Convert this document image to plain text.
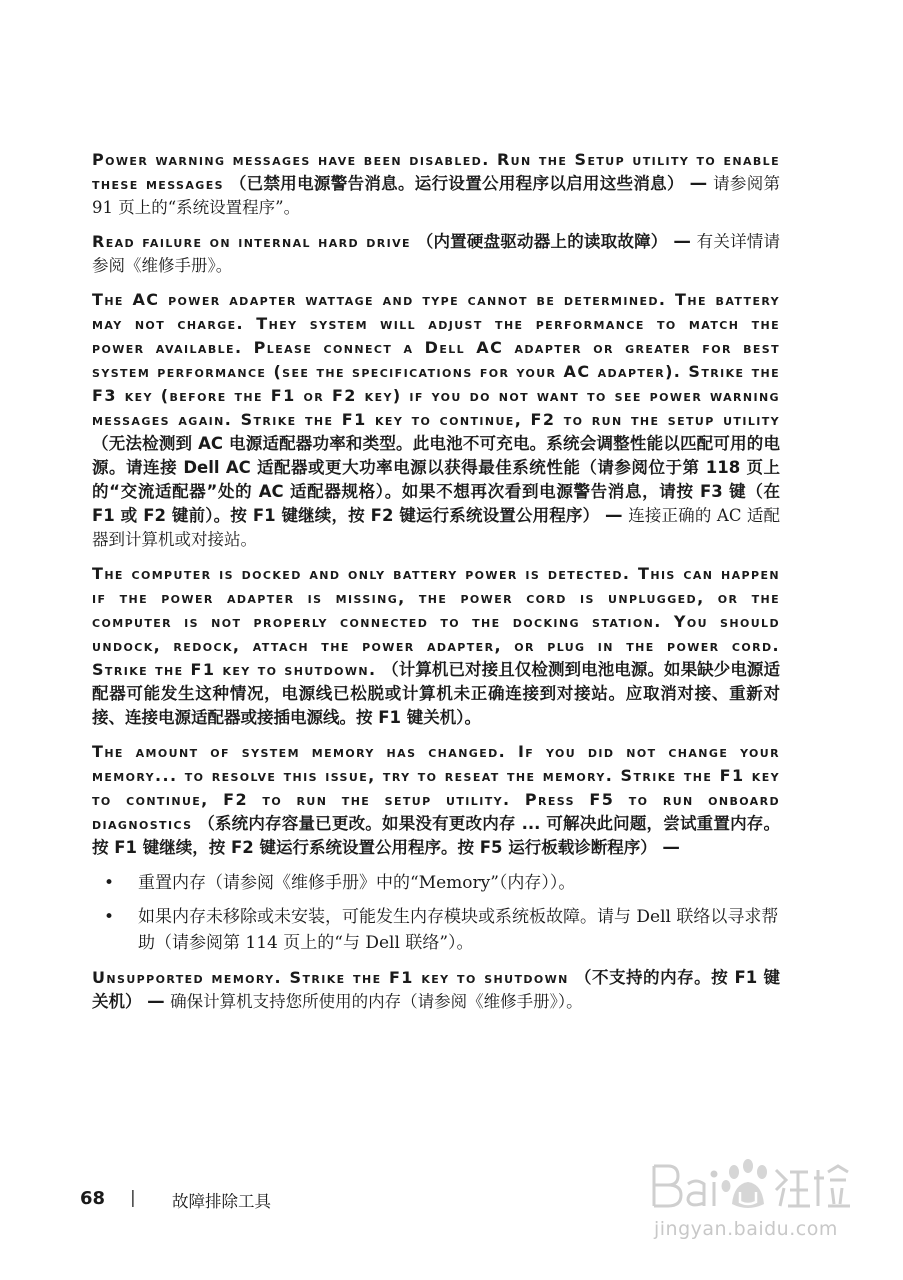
Power warning messages have been disabled. Run the Setup utility to enable these messages （已禁用电源警告消息。运行设置公用程序以启用这些消息） — 请参阅第 91 页上的“系统设置程序”。

Read failure on internal hard drive （内置硬盘驱动器上的读取故障） — 有关详情请参阅《维修手册》。

The AC power adapter wattage and type cannot be determined. The battery may not charge. They system will adjust the performance to match the power available. Please connect a Dell AC adapter or greater for best system performance (see the specifications for your AC adapter). Strike the F3 key (before the F1 or F2 key) if you do not want to see power warning messages again. Strike the F1 key to continue, F2 to run the setup utility （无法检测到 AC 电源适配器功率和类型。此电池不可充电。系统会调整性能以匹配可用的电源。请连接 Dell AC 适配器或更大功率电源以获得最佳系统性能（请参阅位于第 118 页上的“交流适配器”处的 AC 适配器规格）。如果不想再次看到电源警告消息，请按 F3 键（在 F1 或 F2 键前）。按 F1 键继续，按 F2 键运行系统设置公用程序） — 连接正确的 AC 适配器到计算机或对接站。

The computer is docked and only battery power is detected. This can happen if the power adapter is missing, the power cord is unplugged, or the computer is not properly connected to the docking station. You should undock, redock, attach the power adapter, or plug in the power cord. Strike the F1 key to shutdown. （计算机已对接且仅检测到电池电源。如果缺少电源适配器可能发生这种情况，电源线已松脱或计算机未正确连接到对接站。应取消对接、重新对接、连接电源适配器或接插电源线。按 F1 键关机）。

The amount of system memory has changed. If you did not change your memory... to resolve this issue, try to reseat the memory. Strike the F1 key to continue, F2 to run the setup utility. Press F5 to run onboard diagnostics （系统内存容量已更改。如果没有更改内存 ... 可解决此问题，尝试重置内存。按 F1 键继续，按 F2 键运行系统设置公用程序。按 F5 运行板载诊断程序） —

• 重置内存（请参阅《维修手册》中的“Memory”（内存））。
• 如果内存未移除或未安装，可能发生内存模块或系统板故障。请与 Dell 联络以寻求帮助（请参阅第 114 页上的“与 Dell 联络”）。

Unsupported memory. Strike the F1 key to shutdown （不支持的内存。按 F1 键关机） — 确保计算机支持您所使用的内存（请参阅《维修手册》）。

68 | 故障排除工具
jingyan.baidu.com
